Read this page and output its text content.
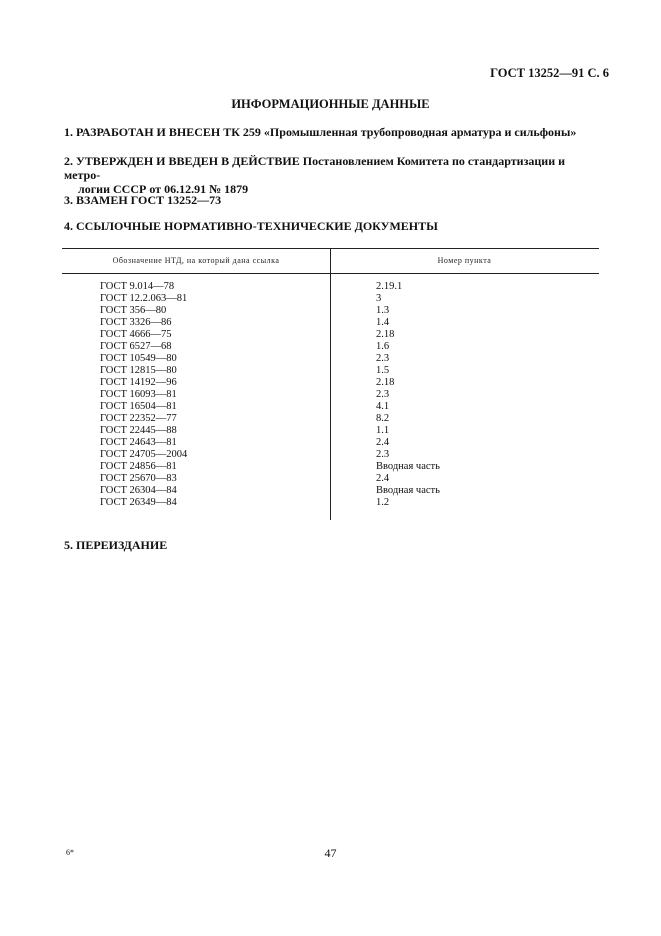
ГОСТ 13252—91 С. 6
ИНФОРМАЦИОННЫЕ ДАННЫЕ
1. РАЗРАБОТАН И ВНЕСЕН ТК 259 «Промышленная трубопроводная арматура и сильфоны»
2. УТВЕРЖДЕН И ВВЕДЕН В ДЕЙСТВИЕ Постановлением Комитета по стандартизации и метро-
логии СССР от 06.12.91 № 1879
3. ВЗАМЕН ГОСТ 13252—73
4. ССЫЛОЧНЫЕ НОРМАТИВНО-ТЕХНИЧЕСКИЕ ДОКУМЕНТЫ
Обозначение НТД, на который дана ссылка	Номер пункта
ГОСТ 9.014—78	2.19.1
ГОСТ 12.2.063—81	3
ГОСТ 356—80	1.3
ГОСТ 3326—86	1.4
ГОСТ 4666—75	2.18
ГОСТ 6527—68	1.6
ГОСТ 10549—80	2.3
ГОСТ 12815—80	1.5
ГОСТ 14192—96	2.18
ГОСТ 16093—81	2.3
ГОСТ 16504—81	4.1
ГОСТ 22352—77	8.2
ГОСТ 22445—88	1.1
ГОСТ 24643—81	2.4
ГОСТ 24705—2004	2.3
ГОСТ 24856—81	Вводная часть
ГОСТ 25670—83	2.4
ГОСТ 26304—84	Вводная часть
ГОСТ 26349—84	1.2
5. ПЕРЕИЗДАНИЕ
6*	47
